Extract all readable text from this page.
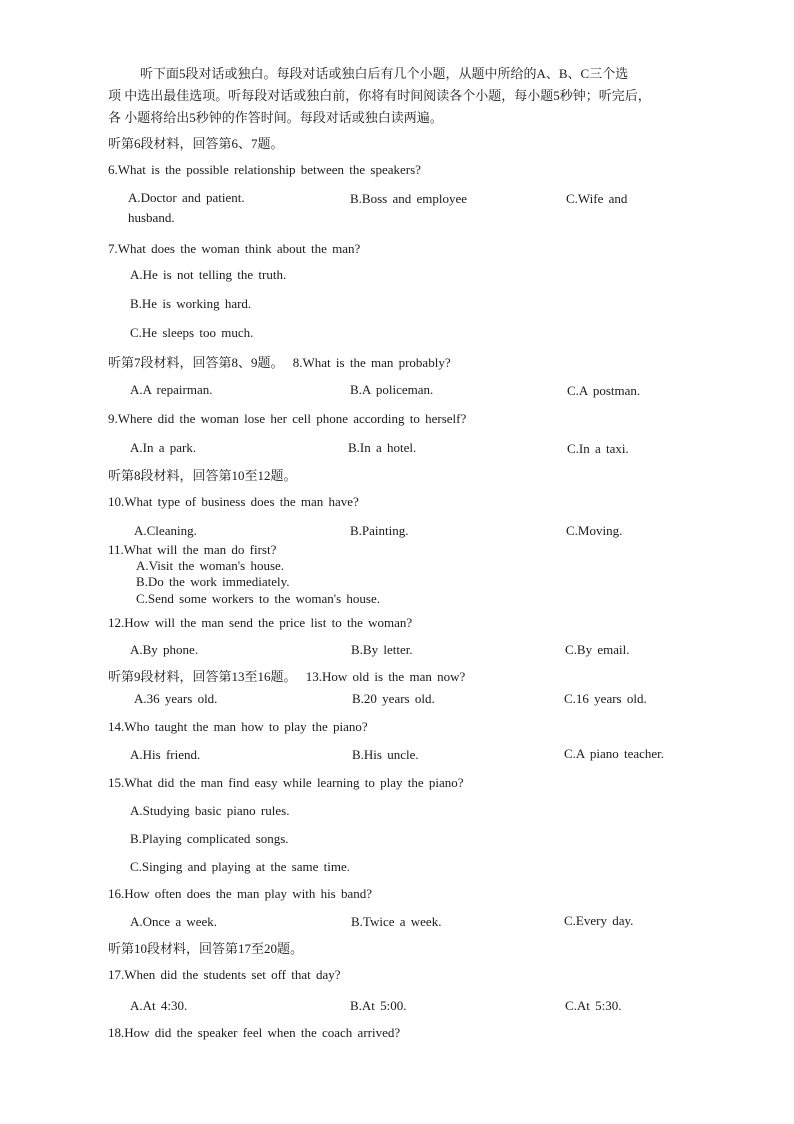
听下面5段对话或独白。每段对话或独白后有几个小题，从题中所给的A、B、C三个选
项 中选出最佳选项。听每段对话或独白前，你将有时间阅读各个小题，每小题5秒钟；听完后，
各 小题将给出5秒钟的作答时间。每段对话或独白读两遍。
听第6段材料，回答第6、7题。
6.What is the possible relationship between the speakers?
A.Doctor and patient.	B.Boss and employee	C.Wife and
husband.
7.What does the woman think about the man?
A.He is not telling the truth.
B.He is working hard.
C.He sleeps too much.
听第7段材料，回答第8、9题。 8.What is the man probably?
A.A repairman.	B.A policeman.	C.A postman.
9.Where did the woman lose her cell phone according to herself?
A.In a park.	B.In a hotel.	C.In a taxi.
听第8段材料，回答第10至12题。
10.What type of business does the man have?
A.Cleaning.	B.Painting.	C.Moving.
11.What will the man do first?
A.Visit the woman's house.
B.Do the work immediately.
C.Send some workers to the woman's house.
12.How will the man send the price list to the woman?
A.By phone.	B.By letter.	C.By email.
听第9段材料，回答第13至16题。 13.How old is the man now?
A.36 years old.	B.20 years old.	C.16 years old.
14.Who taught the man how to play the piano?
A.His friend.	B.His uncle.	C.A piano teacher.
15.What did the man find easy while learning to play the piano?
A.Studying basic piano rules.
B.Playing complicated songs.
C.Singing and playing at the same time.
16.How often does the man play with his band?
A.Once a week.	B.Twice a week.	C.Every day.
听第10段材料，回答第17至20题。
17.When did the students set off that day?
A.At 4:30.	B.At 5:00.	C.At 5:30.
18.How did the speaker feel when the coach arrived?
